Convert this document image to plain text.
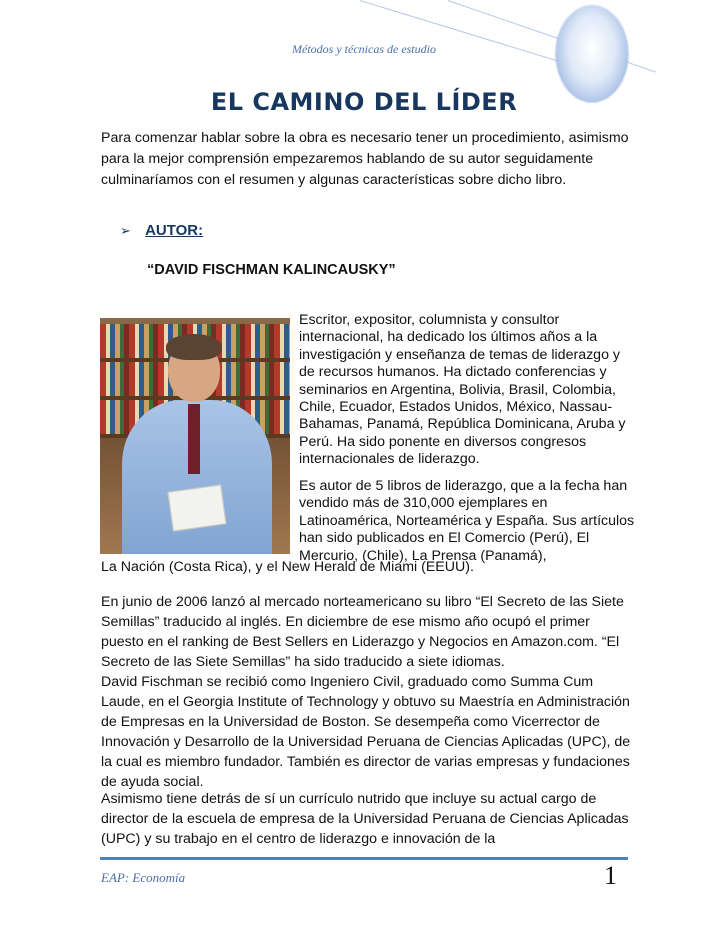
Métodos y técnicas de estudio
EL CAMINO DEL LÍDER

Para comenzar hablar sobre la obra es necesario tener un procedimiento, asimismo para la mejor comprensión empezaremos hablando de su autor seguidamente culminaríamos con el resumen y algunas características sobre dicho libro.

➢ AUTOR:
“DAVID FISCHMAN KALINCAUSKY”

Escritor, expositor, columnista y consultor internacional, ha dedicado los últimos años a la investigación y enseñanza de temas de liderazgo y de recursos humanos. Ha dictado conferencias y seminarios en Argentina, Bolivia, Brasil, Colombia, Chile, Ecuador, Estados Unidos, México, Nassau-Bahamas, Panamá, República Dominicana, Aruba y Perú. Ha sido ponente en diversos congresos internacionales de liderazgo.

Es autor de 5 libros de liderazgo, que a la fecha han vendido más de 310,000 ejemplares en Latinoamérica, Norteamérica y España. Sus artículos han sido publicados en El Comercio (Perú), El Mercurio, (Chile), La Prensa (Panamá),

La Nación (Costa Rica), y el New Herald de Miami (EEUU).

En junio de 2006 lanzó al mercado norteamericano su libro “El Secreto de las Siete Semillas” traducido al inglés. En diciembre de ese mismo año ocupó el primer puesto en el ranking de Best Sellers en Liderazgo y Negocios en Amazon.com. “El Secreto de las Siete Semillas” ha sido traducido a siete idiomas.

David Fischman se recibió como Ingeniero Civil, graduado como Summa Cum Laude, en el Georgia Institute of Technology y obtuvo su Maestría en Administración de Empresas en la Universidad de Boston. Se desempeña como Vicerrector de Innovación y Desarrollo de la Universidad Peruana de Ciencias Aplicadas (UPC), de la cual es miembro fundador. También es director de varias empresas y fundaciones de ayuda social.

Asimismo tiene detrás de sí un currículo nutrido que incluye su actual cargo de director de la escuela de empresa de la Universidad Peruana de Ciencias Aplicadas (UPC) y su trabajo en el centro de liderazgo e innovación de la

EAP: Economía	1
